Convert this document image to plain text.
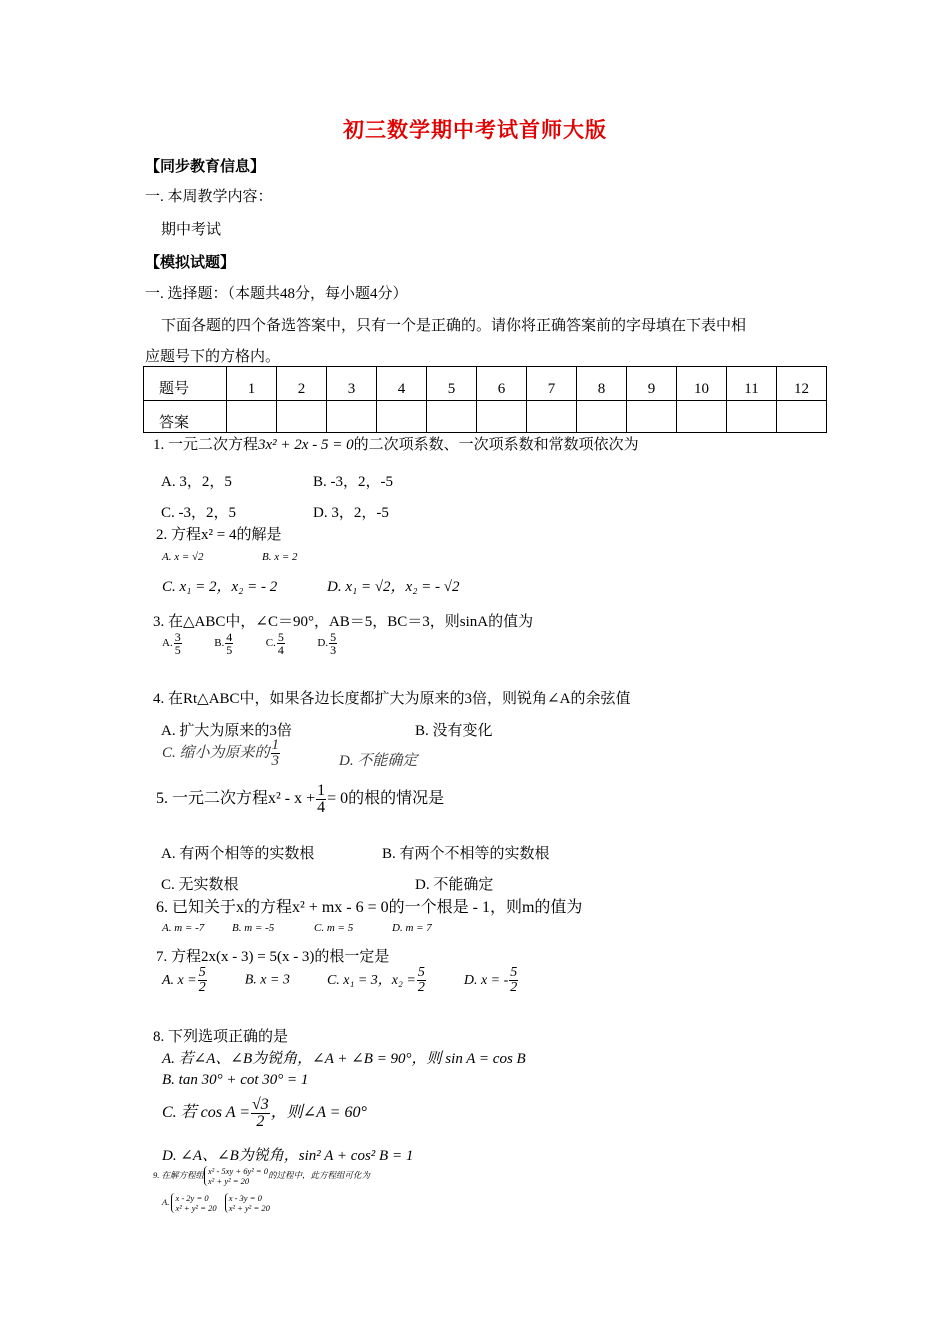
初三数学期中考试首师大版
【同步教育信息】
一. 本周教学内容：
期中考试
【模拟试题】
一. 选择题：（本题共48分，每小题4分）
下面各题的四个备选答案中，只有一个是正确的。请你将正确答案前的字母填在下表中相
应题号下的方格内。
题号	1	2	3	4	5	6	7	8	9	10	11	12
答案												
1. 一元二次方程3x² + 2x - 5 = 0的二次项系数、一次项系数和常数项依次为
A. 3，2，5	B. -3，2，-5
C. -3，2，5	D. 3，2，-5
2. 方程x² = 4的解是
A. x = √2	B. x = 2
C. x₁ = 2，x₂ = - 2	D. x₁ = √2，x₂ = - √2
3. 在△ABC中，∠C＝90°，AB＝5，BC＝3，则sinA的值为
A. $\frac{3}{5}$	B. $\frac{4}{5}$	C. $\frac{5}{4}$	D. $\frac{5}{3}$
4. 在Rt△ABC中，如果各边长度都扩大为原来的3倍，则锐角∠A的余弦值
A. 扩大为原来的3倍	B. 没有变化
C. 缩小为原来的 $\frac{1}{3}$	D. 不能确定
5. 一元二次方程$x^2 - x + \frac{1}{4} = 0$的根的情况是
A. 有两个相等的实数根	B. 有两个不相等的实数根
C. 无实数根	D. 不能确定
6. 已知关于x的方程x² + mx - 6 = 0的一个根是 - 1，则m的值为
A. m = -7	B. m = -5	C. m = 5	D. m = 7
7. 方程2x(x - 3) = 5(x - 3)的根一定是
A. $x = \frac{5}{2}$	B. x = 3	C. x₁ = 3，$x_2 = \frac{5}{2}$	D. x = - $\frac{5}{2}$
8. 下列选项正确的是
A. 若∠A、∠B为锐角，∠A + ∠B = 90°，则 sin A = cos B
B. tan 30° + cot 30° = 1
C. 若 $\cos A = \frac{√3}{2}$ ，则∠A = 60°
D. ∠A、∠B为锐角，sin² A + cos² B = 1
9. 在解方程组 x² - 5xy + 6y² = 0
x² + y² = 20
的过程中，此方程组可化为
A. x - 2y = 0
x² + y² = 20

x - 3y = 0
x² + y² = 20
